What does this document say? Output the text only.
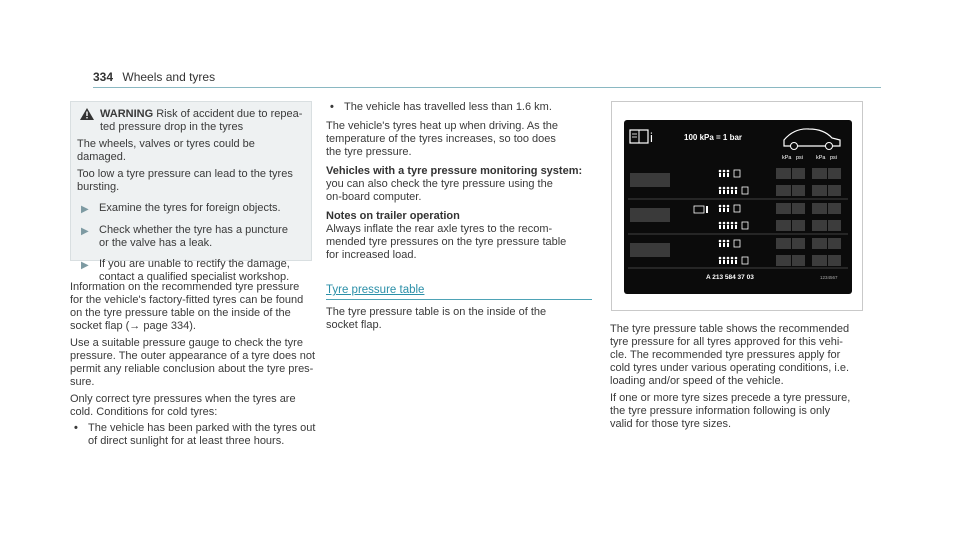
334 Wheels and tyres
WARNING Risk of accident due to repea-
ted pressure drop in the tyres

The wheels, valves or tyres could be damaged.

Too low a tyre pressure can lead to the tyres
bursting.

▶ Examine the tyres for foreign objects.
▶ Check whether the tyre has a puncture
or the valve has a leak.
▶ If you are unable to rectify the damage,
contact a qualified specialist workshop.

Information on the recommended tyre pressure
for the vehicle's factory-fitted tyres can be found
on the tyre pressure table on the inside of the
socket flap (→ page 334).

Use a suitable pressure gauge to check the tyre
pressure. The outer appearance of a tyre does not
permit any reliable conclusion about the tyre pres-
sure.

Only correct tyre pressures when the tyres are
cold. Conditions for cold tyres:

• The vehicle has been parked with the tyres out
of direct sunlight for at least three hours.
• The vehicle has travelled less than 1.6 km.

The vehicle's tyres heat up when driving. As the
temperature of the tyres increases, so too does
the tyre pressure.

Vehicles with a tyre pressure monitoring system:

you can also check the tyre pressure using the
on-board computer.

Notes on trailer operation

Always inflate the rear axle tyres to the recom-
mended tyre pressures on the tyre pressure table
for increased load.

Tyre pressure table

The tyre pressure table is on the inside of the
socket flap.

i	100 kPa = 1 bar
kPa psi kPa psi
A 213 584 37 03	1234567

The tyre pressure table shows the recommended
tyre pressure for all tyres approved for this vehi-
cle. The recommended tyre pressures apply for
cold tyres under various operating conditions, i.e.
loading and/or speed of the vehicle.

If one or more tyre sizes precede a tyre pressure,
the tyre pressure information following is only
valid for those tyre sizes.
